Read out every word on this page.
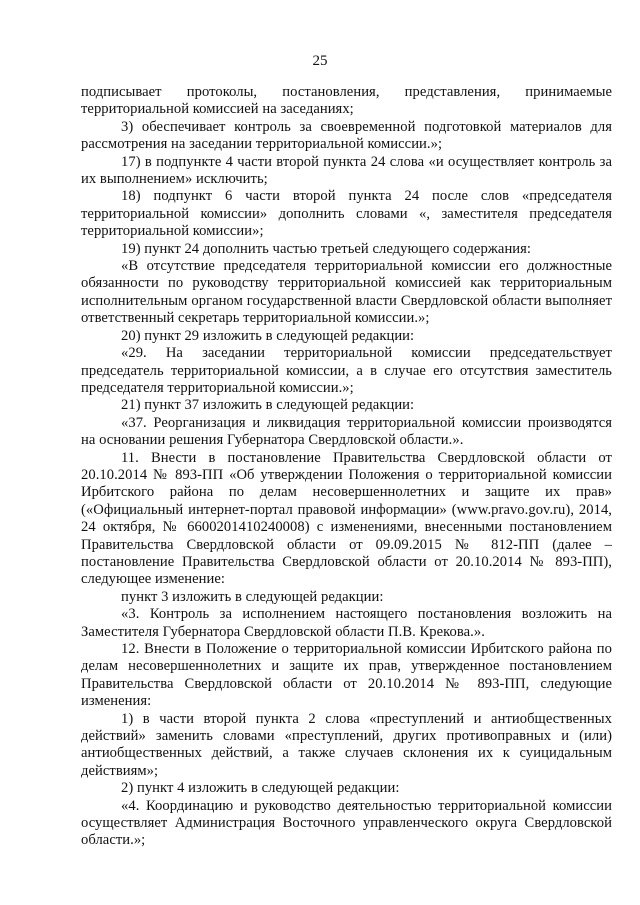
25

подписывает протоколы, постановления, представления, принимаемые территориальной комиссией на заседаниях;

3) обеспечивает контроль за своевременной подготовкой материалов для рассмотрения на заседании территориальной комиссии.»;

17) в подпункте 4 части второй пункта 24 слова «и осуществляет контроль за их выполнением» исключить;

18) подпункт 6 части второй пункта 24 после слов «председателя территориальной комиссии» дополнить словами «, заместителя председателя территориальной комиссии»;

19) пункт 24 дополнить частью третьей следующего содержания:

«В отсутствие председателя территориальной комиссии его должностные обязанности по руководству территориальной комиссией как территориальным исполнительным органом государственной власти Свердловской области выполняет ответственный секретарь территориальной комиссии.»;

20) пункт 29 изложить в следующей редакции:

«29. На заседании территориальной комиссии председательствует председатель территориальной комиссии, а в случае его отсутствия заместитель председателя территориальной комиссии.»;

21) пункт 37 изложить в следующей редакции:

«37. Реорганизация и ликвидация территориальной комиссии производятся на основании решения Губернатора Свердловской области.».

11. Внести в постановление Правительства Свердловской области от 20.10.2014 № 893-ПП «Об утверждении Положения о территориальной комиссии Ирбитского района по делам несовершеннолетних и защите их прав» («Официальный интернет-портал правовой информации» (www.pravo.gov.ru), 2014, 24 октября, № 6600201410240008) с изменениями, внесенными постановлением Правительства Свердловской области от 09.09.2015 № 812-ПП (далее – постановление Правительства Свердловской области от 20.10.2014 № 893-ПП), следующее изменение:

пункт 3 изложить в следующей редакции:

«3. Контроль за исполнением настоящего постановления возложить на Заместителя Губернатора Свердловской области П.В. Крекова.».

12. Внести в Положение о территориальной комиссии Ирбитского района по делам несовершеннолетних и защите их прав, утвержденное постановлением Правительства Свердловской области от 20.10.2014 № 893-ПП, следующие изменения:

1) в части второй пункта 2 слова «преступлений и антиобщественных действий» заменить словами «преступлений, других противоправных и (или) антиобщественных действий, а также случаев склонения их к суицидальным действиям»;

2) пункт 4 изложить в следующей редакции:

«4. Координацию и руководство деятельностью территориальной комиссии осуществляет Администрация Восточного управленческого округа Свердловской области.»;
